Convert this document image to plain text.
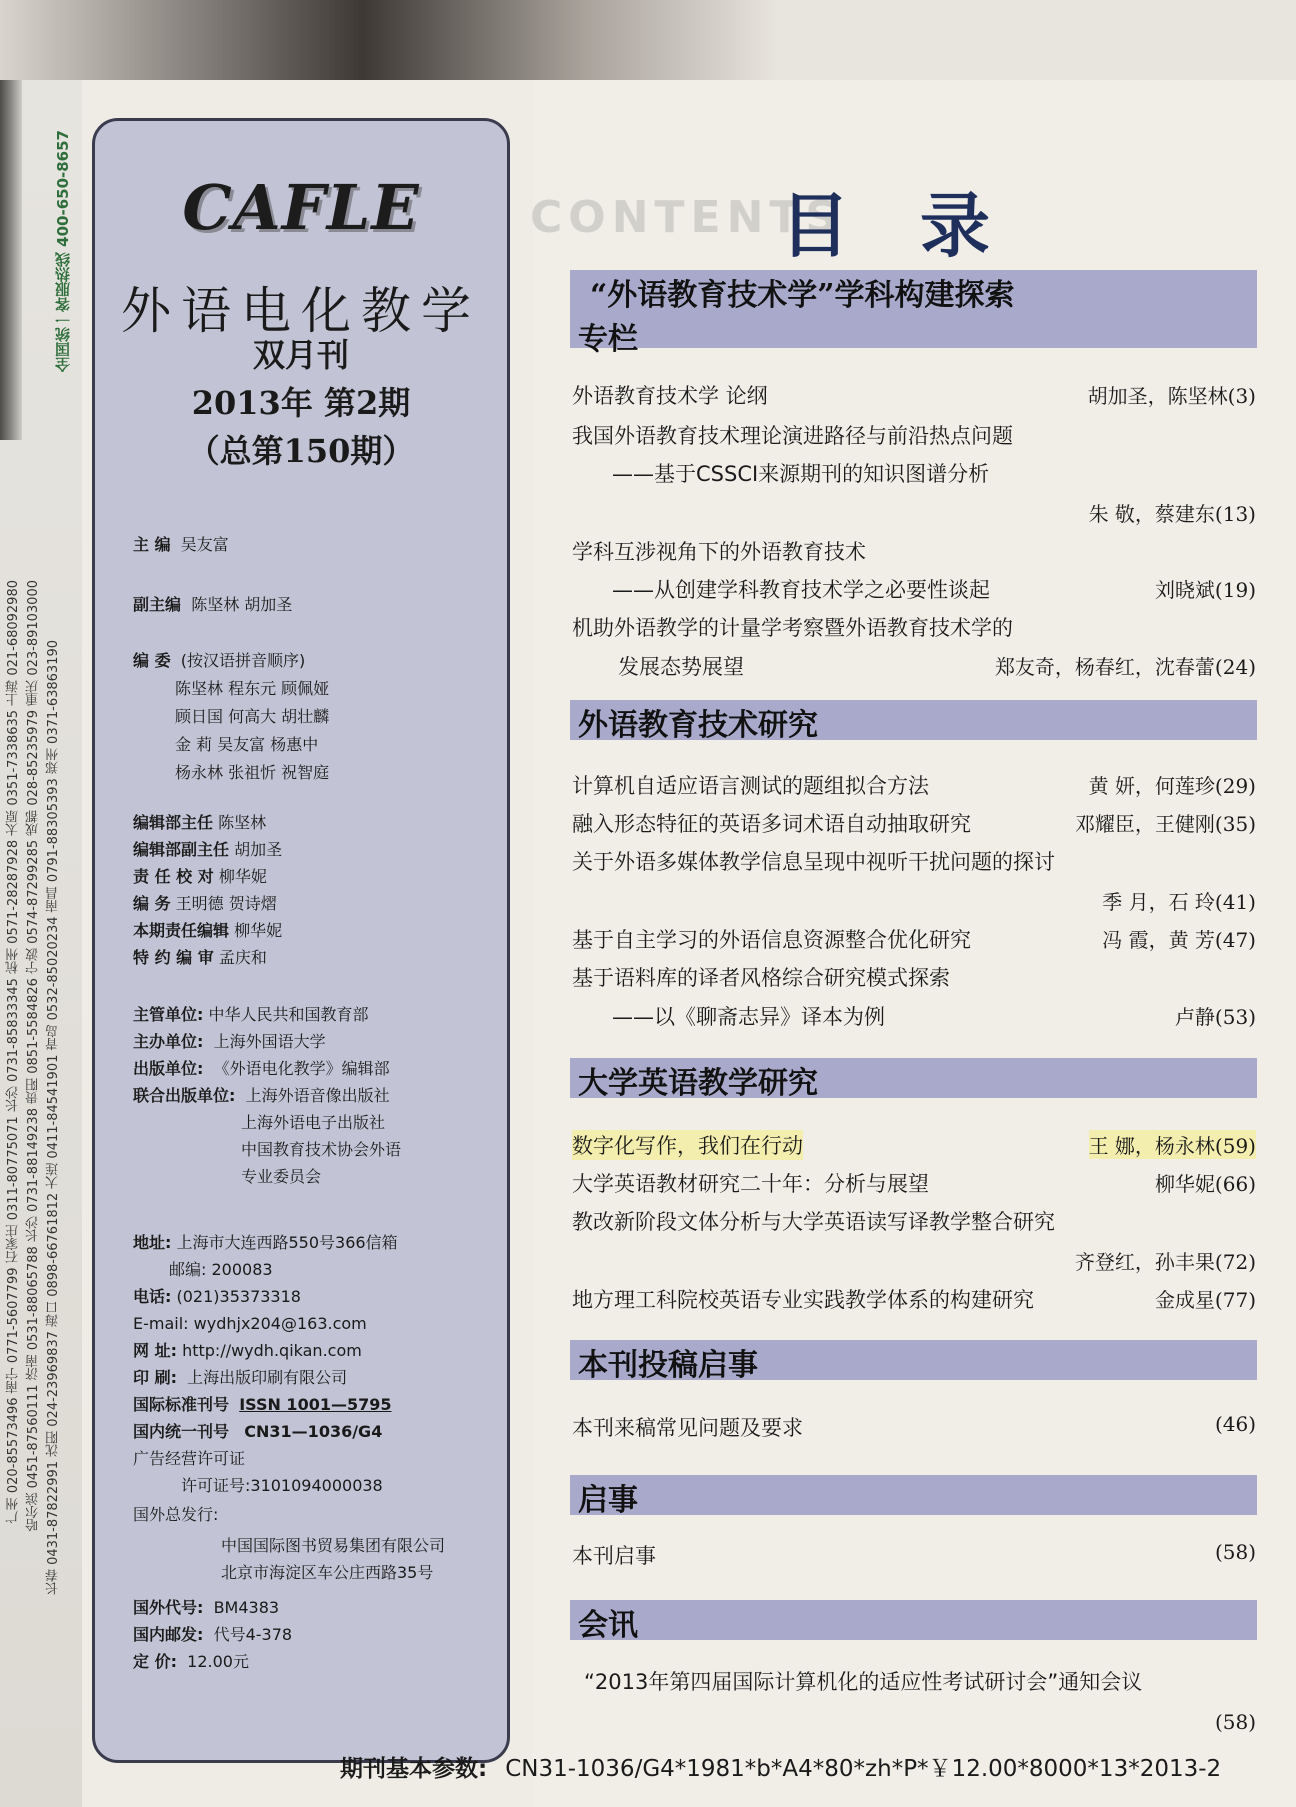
全国统一客服热线 400-650-8657
广州 020-85573496 南宁 0771-5607799 石家庄 0311-80775071 长沙 0731-85833345 杭州 0571-28287928 太原 0351-7338635 上海 021-68092980 哈尔滨 0451-87560111 济南 0531-88065788 长沙 0731-88149238 贵阳 0851-5584826 宁波 0574-87299285 成都 028-85235979 重庆 023-89103000 长春 0431-87822991 沈阳 024-23969837 海口 0898-66761812 大连 0411-84541901 青岛 0532-85020234 南昌 0791-88305393 郑州 0371-63863190
CAFLE
外语电化教学
双月刊
2013年 第2期
（总第150期）
主 编 吴友富
副主编 陈坚林 胡加圣
编 委 (按汉语拼音顺序)
陈坚林 程东元 顾佩娅
顾日国 何高大 胡壮麟
金 莉 吴友富 杨惠中
杨永林 张祖忻 祝智庭
编辑部主任 陈坚林
编辑部副主任 胡加圣
责 任 校 对 柳华妮
编 务 王明德 贺诗熠
本期责任编辑 柳华妮
特 约 编 审 孟庆和
主管单位: 中华人民共和国教育部
主办单位: 上海外国语大学
出版单位: 《外语电化教学》编辑部
联合出版单位: 上海外语音像出版社
上海外语电子出版社
中国教育技术协会外语
专业委员会
地址: 上海市大连西路550号366信箱
邮编: 200083
电话: (021)35373318
E-mail: wydhjx204@163.com
网 址: http://wydh.qikan.com
印 刷: 上海出版印刷有限公司
国际标准刊号 ISSN 1001—5795
国内统一刊号 CN31—1036/G4
广告经营许可证
许可证号:3101094000038
国外总发行:
中国国际图书贸易集团有限公司
北京市海淀区车公庄西路35号
国外代号: BM4383
国内邮发: 代号4-378
定 价: 12.00元
CONTENTS
目录
“外语教育技术学”学科构建探索
专栏
外语教育技术学 论纲	胡加圣，陈坚林(3)
我国外语教育技术理论演进路径与前沿热点问题
——基于CSSCI来源期刊的知识图谱分析
朱 敬，蔡建东(13)
学科互涉视角下的外语教育技术
——从创建学科教育技术学之必要性谈起	刘晓斌(19)
机助外语教学的计量学考察暨外语教育技术学的
发展态势展望	郑友奇，杨春红，沈春蕾(24)
外语教育技术研究
计算机自适应语言测试的题组拟合方法	黄 妍，何莲珍(29)
融入形态特征的英语多词术语自动抽取研究	邓耀臣，王健刚(35)
关于外语多媒体教学信息呈现中视听干扰问题的探讨
季 月，石 玲(41)
基于自主学习的外语信息资源整合优化研究	冯 霞，黄 芳(47)
基于语料库的译者风格综合研究模式探索
——以《聊斋志异》译本为例	卢静(53)
大学英语教学研究
数字化写作，我们在行动	王 娜，杨永林(59)
大学英语教材研究二十年：分析与展望	柳华妮(66)
教改新阶段文体分析与大学英语读写译教学整合研究
齐登红，孙丰果(72)
地方理工科院校英语专业实践教学体系的构建研究	金成星(77)
本刊投稿启事
本刊来稿常见问题及要求	(46)
启事
本刊启事	(58)
会讯
“2013年第四届国际计算机化的适应性考试研讨会”通知会议
(58)
期刊基本参数: CN31-1036/G4*1981*b*A4*80*zh*P*￥12.00*8000*13*2013-2
